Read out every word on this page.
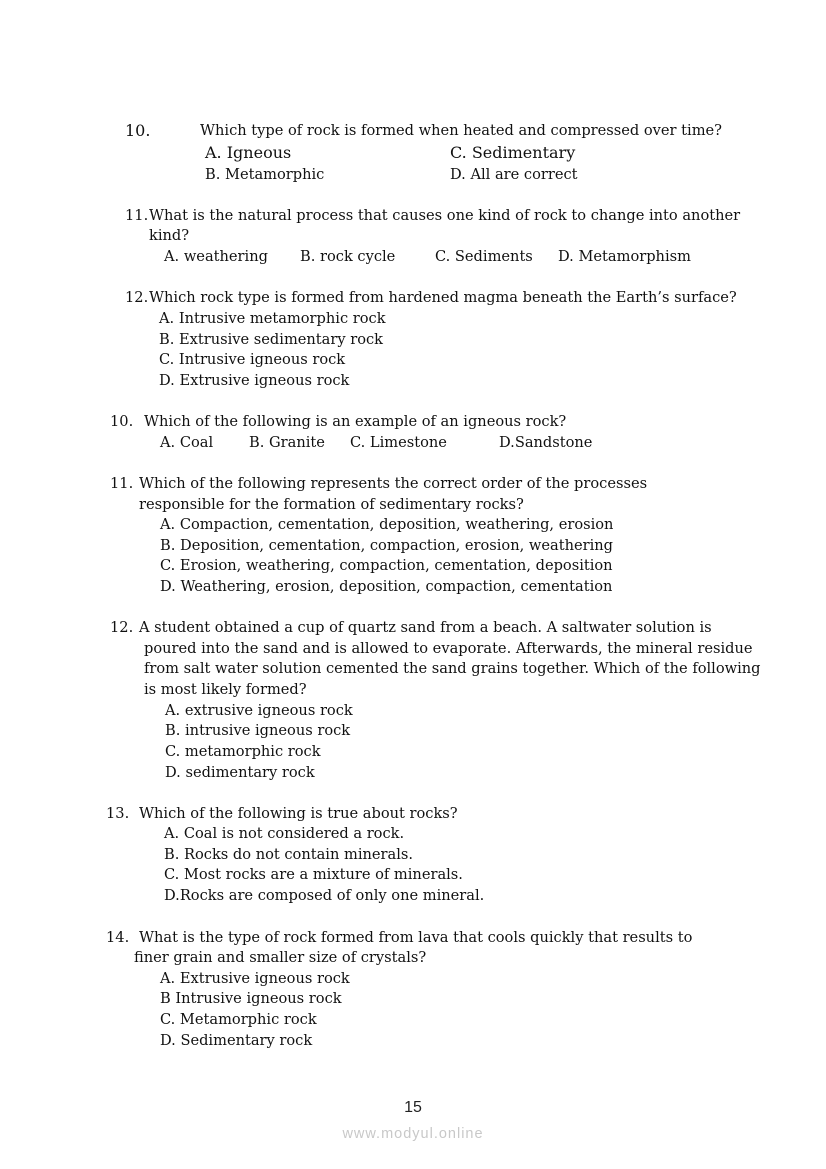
10.	Which type of rock is formed when heated and compressed over time?
A. Igneous
B. Metamorphic
C. Sedimentary
D. All are correct
11. What is the natural process that causes one kind of rock to change into another
kind?
A. weathering B. rock cycle	C. Sediments D. Metamorphism
12. Which rock type is formed from hardened magma beneath the Earth’s surface?
A. Intrusive metamorphic rock
B. Extrusive sedimentary rock
C. Intrusive igneous rock
D. Extrusive igneous rock
10. Which of the following is an example of an igneous rock?
A. Coal B. Granite C. Limestone	D.Sandstone
11. Which of the following represents the correct order of the processes
responsible for the formation of sedimentary rocks?
A. Compaction, cementation, deposition, weathering, erosion
B. Deposition, cementation, compaction, erosion, weathering
C. Erosion, weathering, compaction, cementation, deposition
D. Weathering, erosion, deposition, compaction, cementation
12. A student obtained a cup of quartz sand from a beach. A saltwater solution is
poured into the sand and is allowed to evaporate. Afterwards, the mineral residue
from salt water solution cemented the sand grains together. Which of the following
is most likely formed?
A. extrusive igneous rock
B. intrusive igneous rock
C. metamorphic rock
D. sedimentary rock
13. Which of the following is true about rocks?
A. Coal is not considered a rock.
B. Rocks do not contain minerals.
C. Most rocks are a mixture of minerals.
D.Rocks are composed of only one mineral.
14. What is the type of rock formed from lava that cools quickly that results to
finer grain and smaller size of crystals?
A. Extrusive igneous rock
B Intrusive igneous rock
C. Metamorphic rock
D. Sedimentary rock
15
www.modyul.online
